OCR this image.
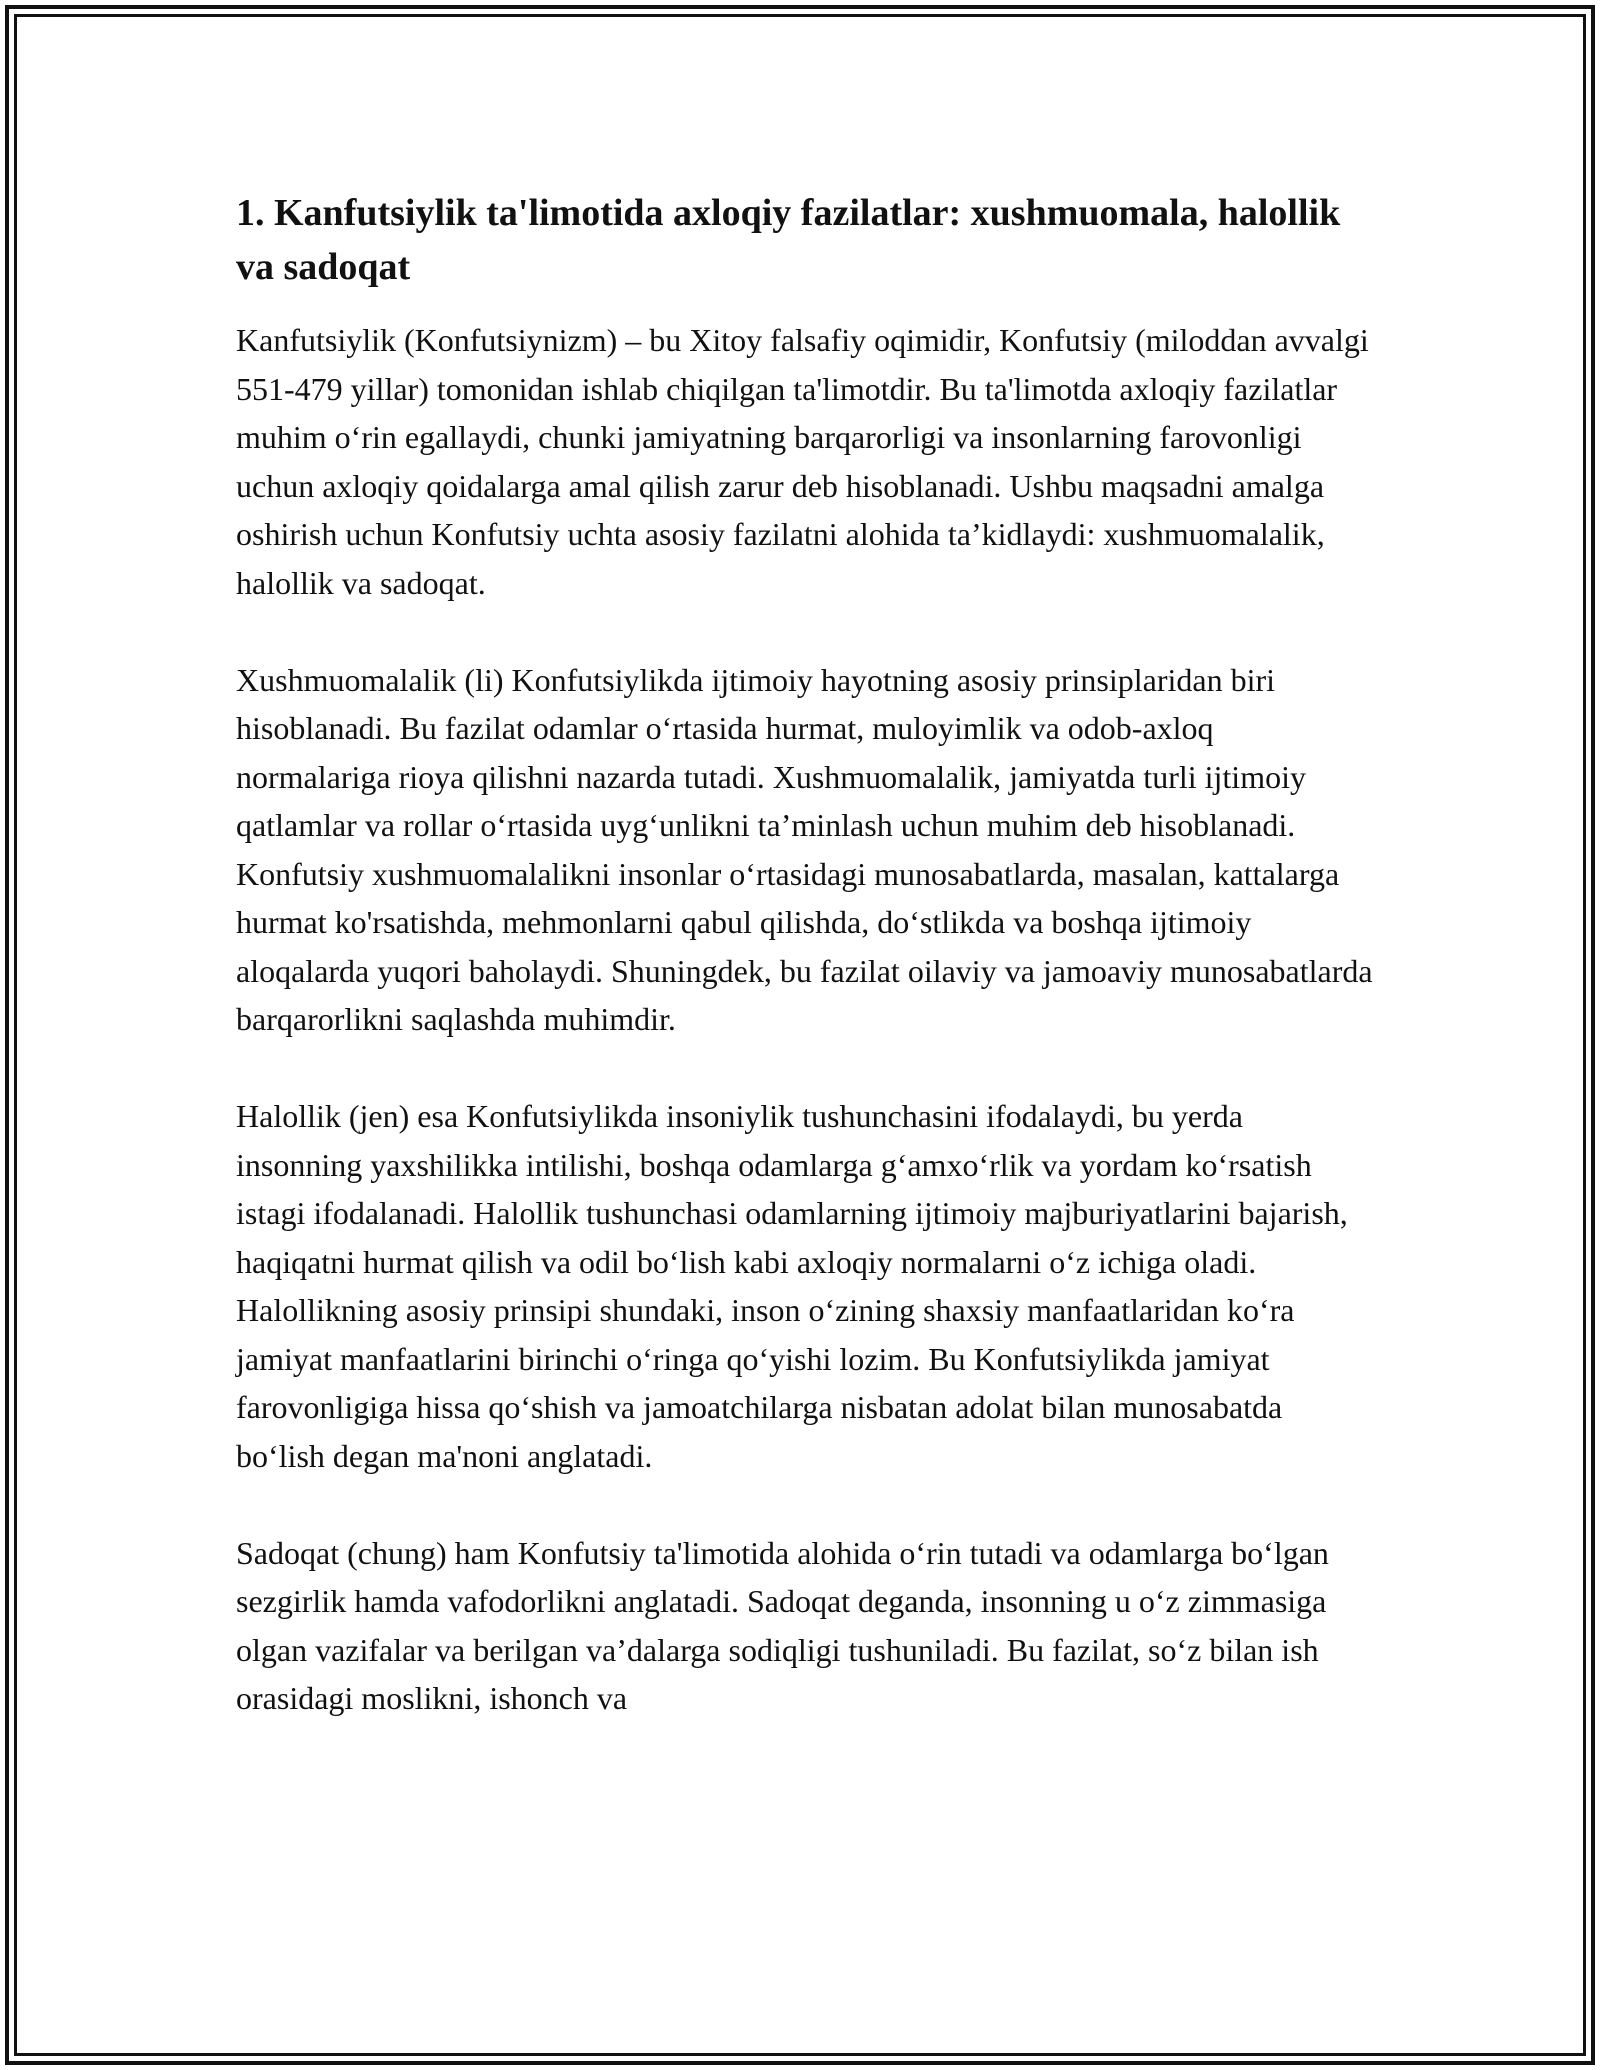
1. Kanfutsiylik ta'limotida axloqiy fazilatlar: xushmuomala, halollik va sadoqat

Kanfutsiylik (Konfutsiynizm) – bu Xitoy falsafiy oqimidir, Konfutsiy (miloddan avvalgi 551-479 yillar) tomonidan ishlab chiqilgan ta'limotdir. Bu ta'limotda axloqiy fazilatlar muhim o‘rin egallaydi, chunki jamiyatning barqarorligi va insonlarning farovonligi uchun axloqiy qoidalarga amal qilish zarur deb hisoblanadi. Ushbu maqsadni amalga oshirish uchun Konfutsiy uchta asosiy fazilatni alohida ta’kidlaydi: xushmuomalalik, halollik va sadoqat.

Xushmuomalalik (li) Konfutsiylikda ijtimoiy hayotning asosiy prinsiplaridan biri hisoblanadi. Bu fazilat odamlar o‘rtasida hurmat, muloyimlik va odob-axloq normalariga rioya qilishni nazarda tutadi. Xushmuomalalik, jamiyatda turli ijtimoiy qatlamlar va rollar o‘rtasida uyg‘unlikni ta’minlash uchun muhim deb hisoblanadi. Konfutsiy xushmuomalalikni insonlar o‘rtasidagi munosabatlarda, masalan, kattalarga hurmat ko'rsatishda, mehmonlarni qabul qilishda, do‘stlikda va boshqa ijtimoiy aloqalarda yuqori baholaydi. Shuningdek, bu fazilat oilaviy va jamoaviy munosabatlarda barqarorlikni saqlashda muhimdir.

Halollik (jen) esa Konfutsiylikda insoniylik tushunchasini ifodalaydi, bu yerda insonning yaxshilikka intilishi, boshqa odamlarga g‘amxo‘rlik va yordam ko‘rsatish istagi ifodalanadi. Halollik tushunchasi odamlarning ijtimoiy majburiyatlarini bajarish, haqiqatni hurmat qilish va odil bo‘lish kabi axloqiy normalarni o‘z ichiga oladi. Halollikning asosiy prinsipi shundaki, inson o‘zining shaxsiy manfaatlaridan ko‘ra jamiyat manfaatlarini birinchi o‘ringa qo‘yishi lozim. Bu Konfutsiylikda jamiyat farovonligiga hissa qo‘shish va jamoatchilarga nisbatan adolat bilan munosabatda bo‘lish degan ma'noni anglatadi.

Sadoqat (chung) ham Konfutsiy ta'limotida alohida o‘rin tutadi va odamlarga bo‘lgan sezgirlik hamda vafodorlikni anglatadi. Sadoqat deganda, insonning u o‘z zimmasiga olgan vazifalar va berilgan va’dalarga sodiqligi tushuniladi. Bu fazilat, so‘z bilan ish orasidagi moslikni, ishonch va
